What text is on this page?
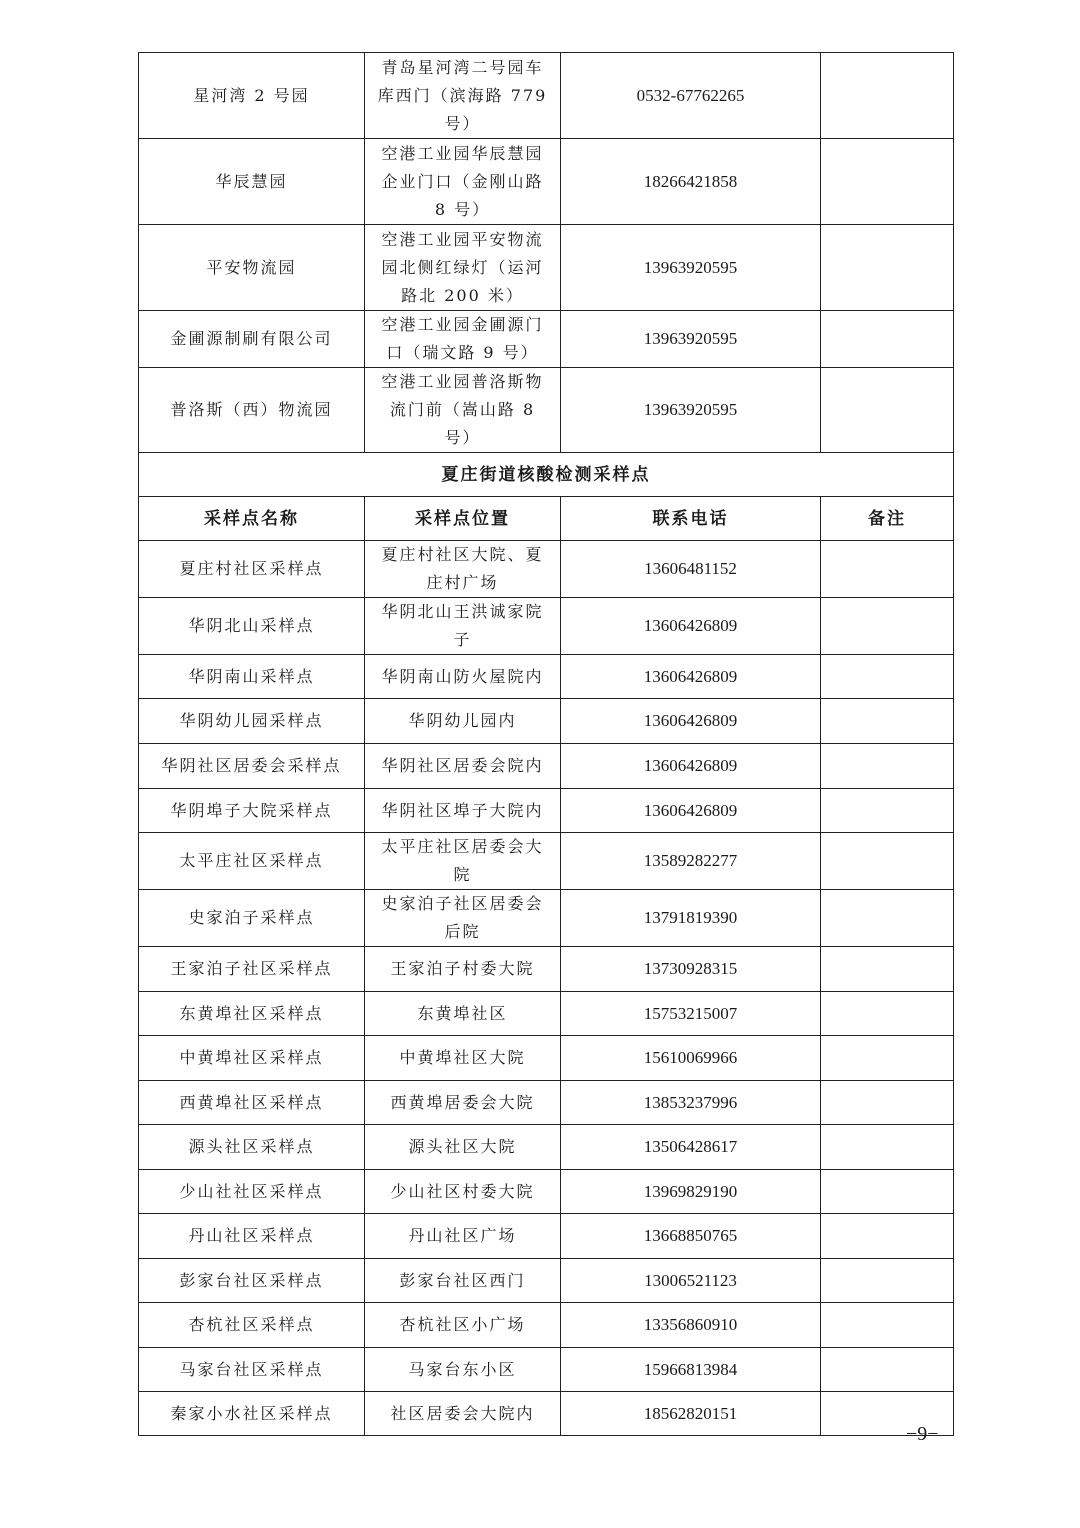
星河湾 2 号园	青岛星河湾二号园车库西门（滨海路 779 号）	0532-67762265	
华辰慧园	空港工业园华辰慧园企业门口（金刚山路 8 号）	18266421858	
平安物流园	空港工业园平安物流园北侧红绿灯（运河路北 200 米）	13963920595	
金圃源制刷有限公司	空港工业园金圃源门口（瑞文路 9 号）	13963920595	
普洛斯（西）物流园	空港工业园普洛斯物流门前（嵩山路 8 号）	13963920595	
夏庄街道核酸检测采样点			
采样点名称	采样点位置	联系电话	备注
夏庄村社区采样点	夏庄村社区大院、夏庄村广场	13606481152	
华阴北山采样点	华阴北山王洪诚家院子	13606426809	
华阴南山采样点	华阴南山防火屋院内	13606426809	
华阴幼儿园采样点	华阴幼儿园内	13606426809	
华阴社区居委会采样点	华阴社区居委会院内	13606426809	
华阴埠子大院采样点	华阴社区埠子大院内	13606426809	
太平庄社区采样点	太平庄社区居委会大院	13589282277	
史家泊子采样点	史家泊子社区居委会后院	13791819390	
王家泊子社区采样点	王家泊子村委大院	13730928315	
东黄埠社区采样点	东黄埠社区	15753215007	
中黄埠社区采样点	中黄埠社区大院	15610069966	
西黄埠社区采样点	西黄埠居委会大院	13853237996	
源头社区采样点	源头社区大院	13506428617	
少山社社区采样点	少山社区村委大院	13969829190	
丹山社区采样点	丹山社区广场	13668850765	
彭家台社区采样点	彭家台社区西门	13006521123	
杏杭社区采样点	杏杭社区小广场	13356860910	
马家台社区采样点	马家台东小区	15966813984	
秦家小水社区采样点	社区居委会大院内	18562820151	
−9−
